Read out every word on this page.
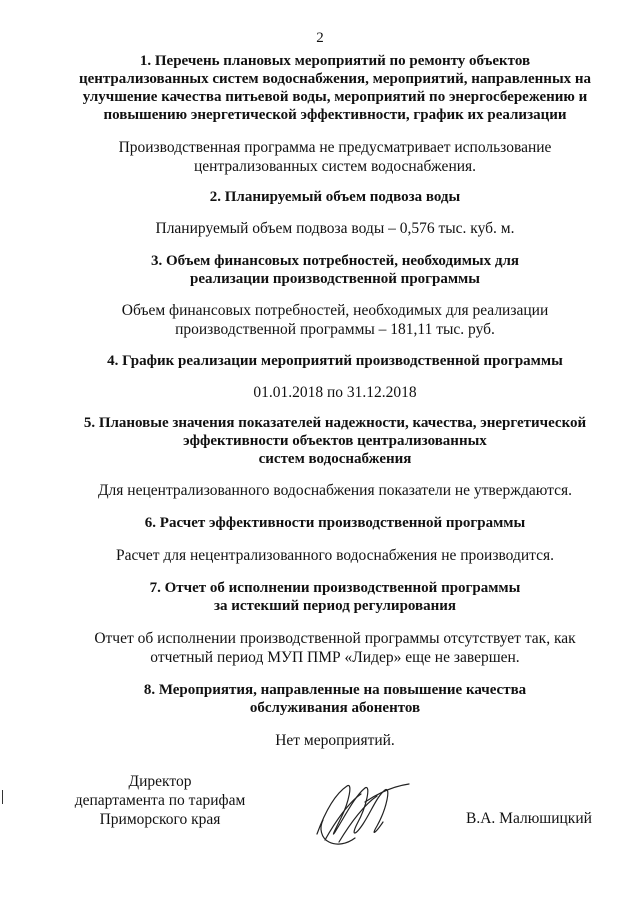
2

1. Перечень плановых мероприятий по ремонту объектов
централизованных систем водоснабжения, мероприятий, направленных на
улучшение качества питьевой воды, мероприятий по энергосбережению и
повышению энергетической эффективности, график их реализации

Производственная программа не предусматривает использование
централизованных систем водоснабжения.

2. Планируемый объем подвоза воды

Планируемый объем подвоза воды – 0,576 тыс. куб. м.

3. Объем финансовых потребностей, необходимых для
реализации производственной программы

Объем финансовых потребностей, необходимых для реализации
производственной программы – 181,11 тыс. руб.

4. График реализации мероприятий производственной программы

01.01.2018 по 31.12.2018

5. Плановые значения показателей надежности, качества, энергетической
эффективности объектов централизованных
систем водоснабжения

Для нецентрализованного водоснабжения показатели не утверждаются.

6. Расчет эффективности производственной программы

Расчет для нецентрализованного водоснабжения не производится.

7. Отчет об исполнении производственной программы
за истекший период регулирования

Отчет об исполнении производственной программы отсутствует так, как
отчетный период МУП ПМР «Лидер» еще не завершен.

8. Мероприятия, направленные на повышение качества
обслуживания абонентов

Нет мероприятий.

Директор
департамента по тарифам
Приморского края	В.А. Малюшицкий
